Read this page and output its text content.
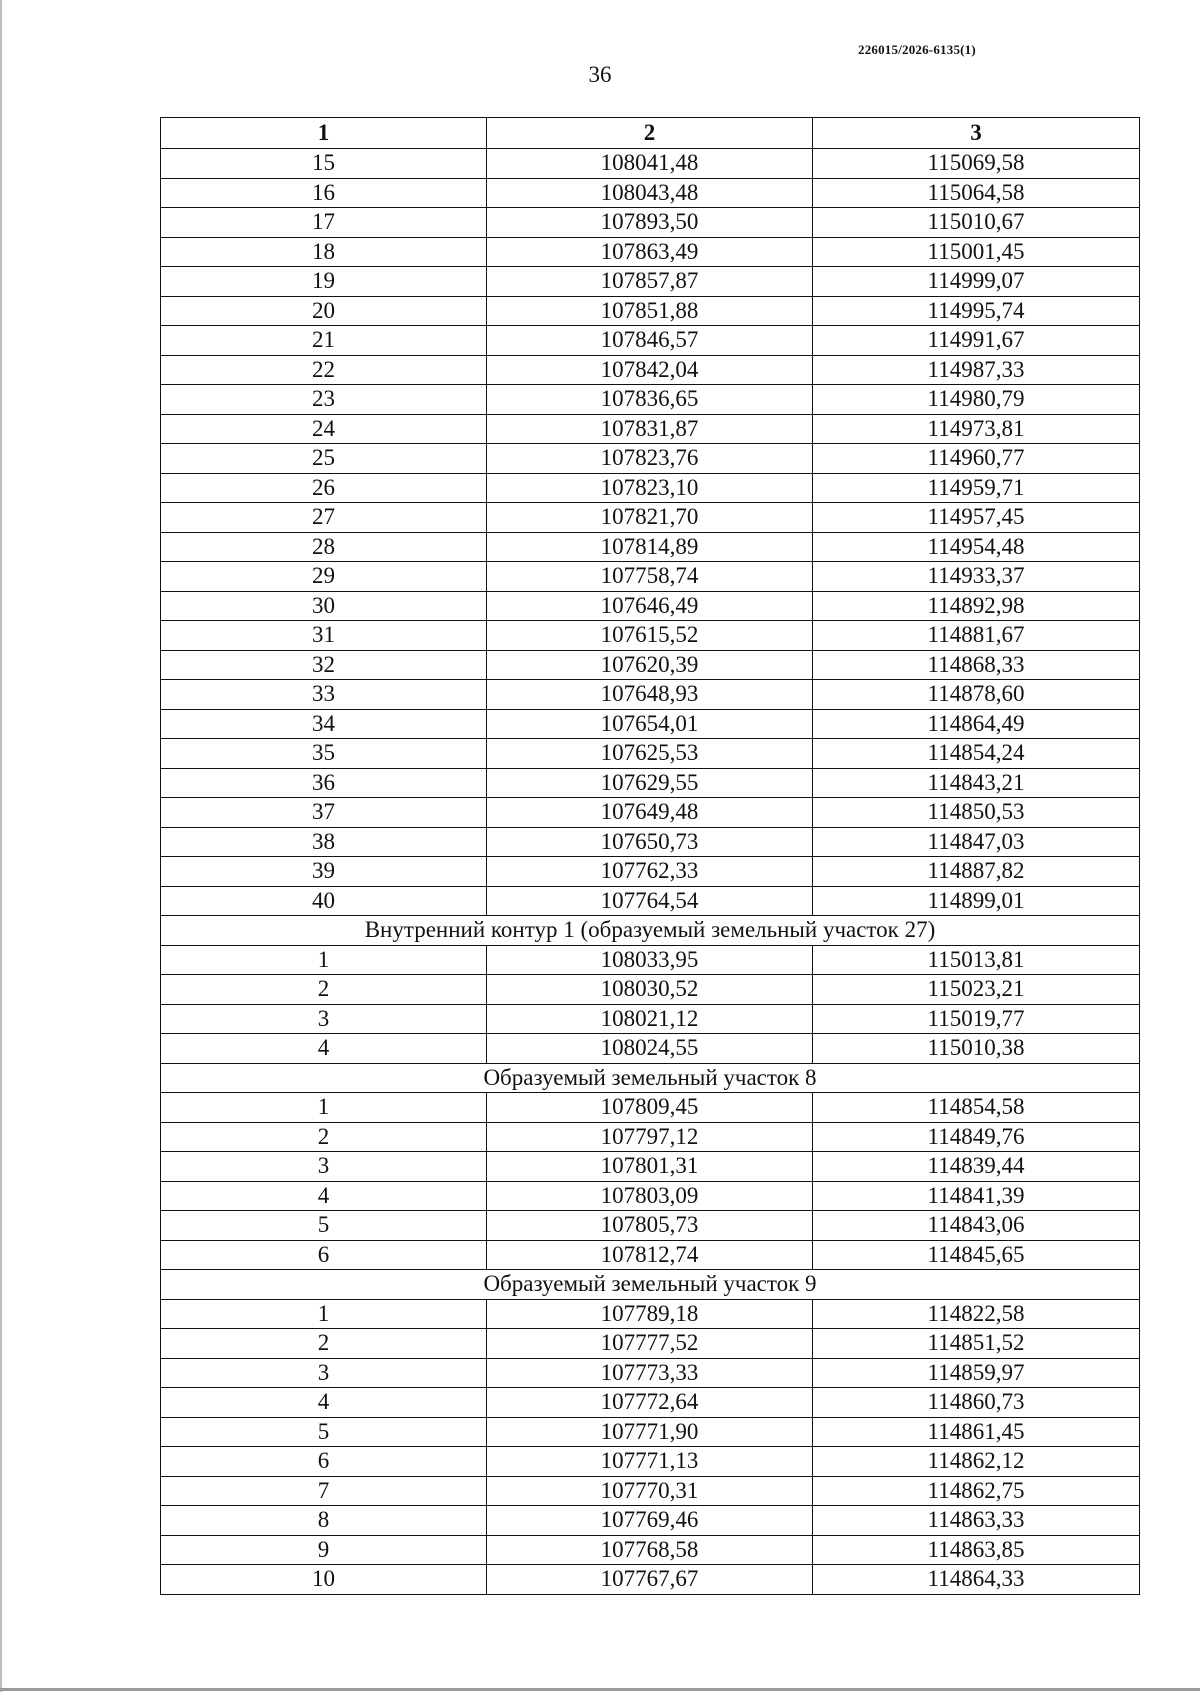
226015/2026-6135(1)
36
1	2	3
15	108041,48	115069,58
16	108043,48	115064,58
17	107893,50	115010,67
18	107863,49	115001,45
19	107857,87	114999,07
20	107851,88	114995,74
21	107846,57	114991,67
22	107842,04	114987,33
23	107836,65	114980,79
24	107831,87	114973,81
25	107823,76	114960,77
26	107823,10	114959,71
27	107821,70	114957,45
28	107814,89	114954,48
29	107758,74	114933,37
30	107646,49	114892,98
31	107615,52	114881,67
32	107620,39	114868,33
33	107648,93	114878,60
34	107654,01	114864,49
35	107625,53	114854,24
36	107629,55	114843,21
37	107649,48	114850,53
38	107650,73	114847,03
39	107762,33	114887,82
40	107764,54	114899,01
Внутренний контур 1 (образуемый земельный участок 27)		
1	108033,95	115013,81
2	108030,52	115023,21
3	108021,12	115019,77
4	108024,55	115010,38
Образуемый земельный участок 8		
1	107809,45	114854,58
2	107797,12	114849,76
3	107801,31	114839,44
4	107803,09	114841,39
5	107805,73	114843,06
6	107812,74	114845,65
Образуемый земельный участок 9		
1	107789,18	114822,58
2	107777,52	114851,52
3	107773,33	114859,97
4	107772,64	114860,73
5	107771,90	114861,45
6	107771,13	114862,12
7	107770,31	114862,75
8	107769,46	114863,33
9	107768,58	114863,85
10	107767,67	114864,33
